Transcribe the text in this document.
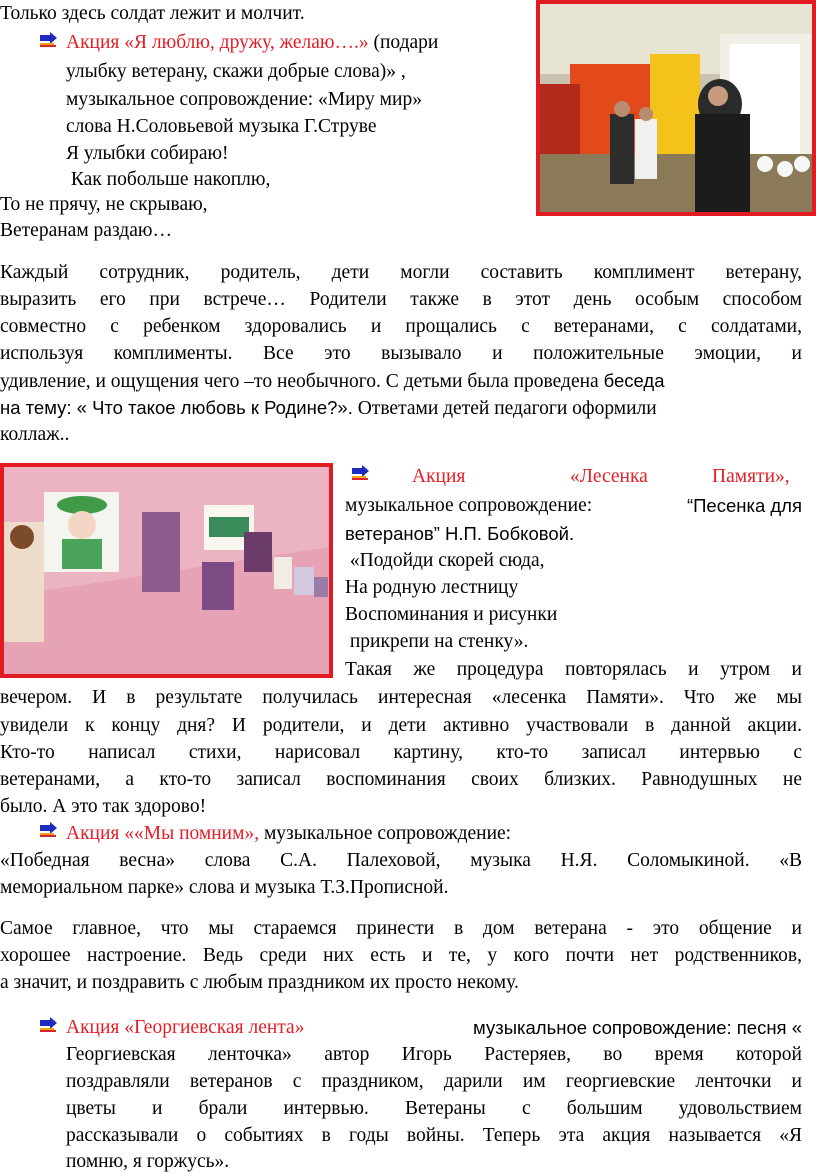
Только здесь солдат лежит и молчит.
Акция «Я люблю, дружу, желаю….» (подари
улыбку ветерану, скажи добрые слова)» ,
музыкальное сопровождение: «Миру мир»
слова Н.Соловьевой музыка Г.Струве
Я улыбки собираю!
Как побольше накоплю,
То не прячу, не скрываю,
Ветеранам раздаю…
Каждый сотрудник, родитель, дети могли составить комплимент ветерану,
выразить его при встрече… Родители также в этот день особым способом
совместно с ребенком здоровались и прощались с ветеранами, с солдатами,
используя комплименты. Все это вызывало и положительные эмоции, и
удивление, и ощущения чего –то необычного. С детьми была проведена беседа
на тему: « Что такое любовь к Родине?». Ответами детей педагоги оформили
коллаж..
Акция	«Лесенка	Памяти»,
музыкальное сопровождение:	“Песенка для
ветеранов” Н.П. Бобковой.
«Подойди скорей сюда,
На родную лестницу
Воспоминания и рисунки
прикрепи на стенку».
Такая же процедура повторялась и утром и
вечером. И в результате получилась интересная «лесенка Памяти». Что же мы
увидели к концу дня? И родители, и дети активно участвовали в данной акции.
Кто-то написал стихи, нарисовал картину, кто-то записал интервью с
ветеранами, а кто-то записал воспоминания своих близких. Равнодушных не
было. А это так здорово!
Акция ««Мы помним», музыкальное сопровождение:
«Победная весна» слова С.А. Палеховой, музыка Н.Я. Соломыкиной. «В
мемориальном парке» слова и музыка Т.З.Прописной.
Самое главное, что мы стараемся принести в дом ветерана - это общение и
хорошее настроение. Ведь среди них есть и те, у кого почти нет родственников,
а значит, и поздравить с любым праздником их просто некому.
Акция «Георгиевская лента»	музыкальное сопровождение: песня «
Георгиевская ленточка» автор Игорь Растеряев, во время которой
поздравляли ветеранов с праздником, дарили им георгиевские ленточки и
цветы и брали интервью. Ветераны с большим удовольствием
рассказывали о событиях в годы войны. Теперь эта акция называется «Я
помню, я горжусь».
